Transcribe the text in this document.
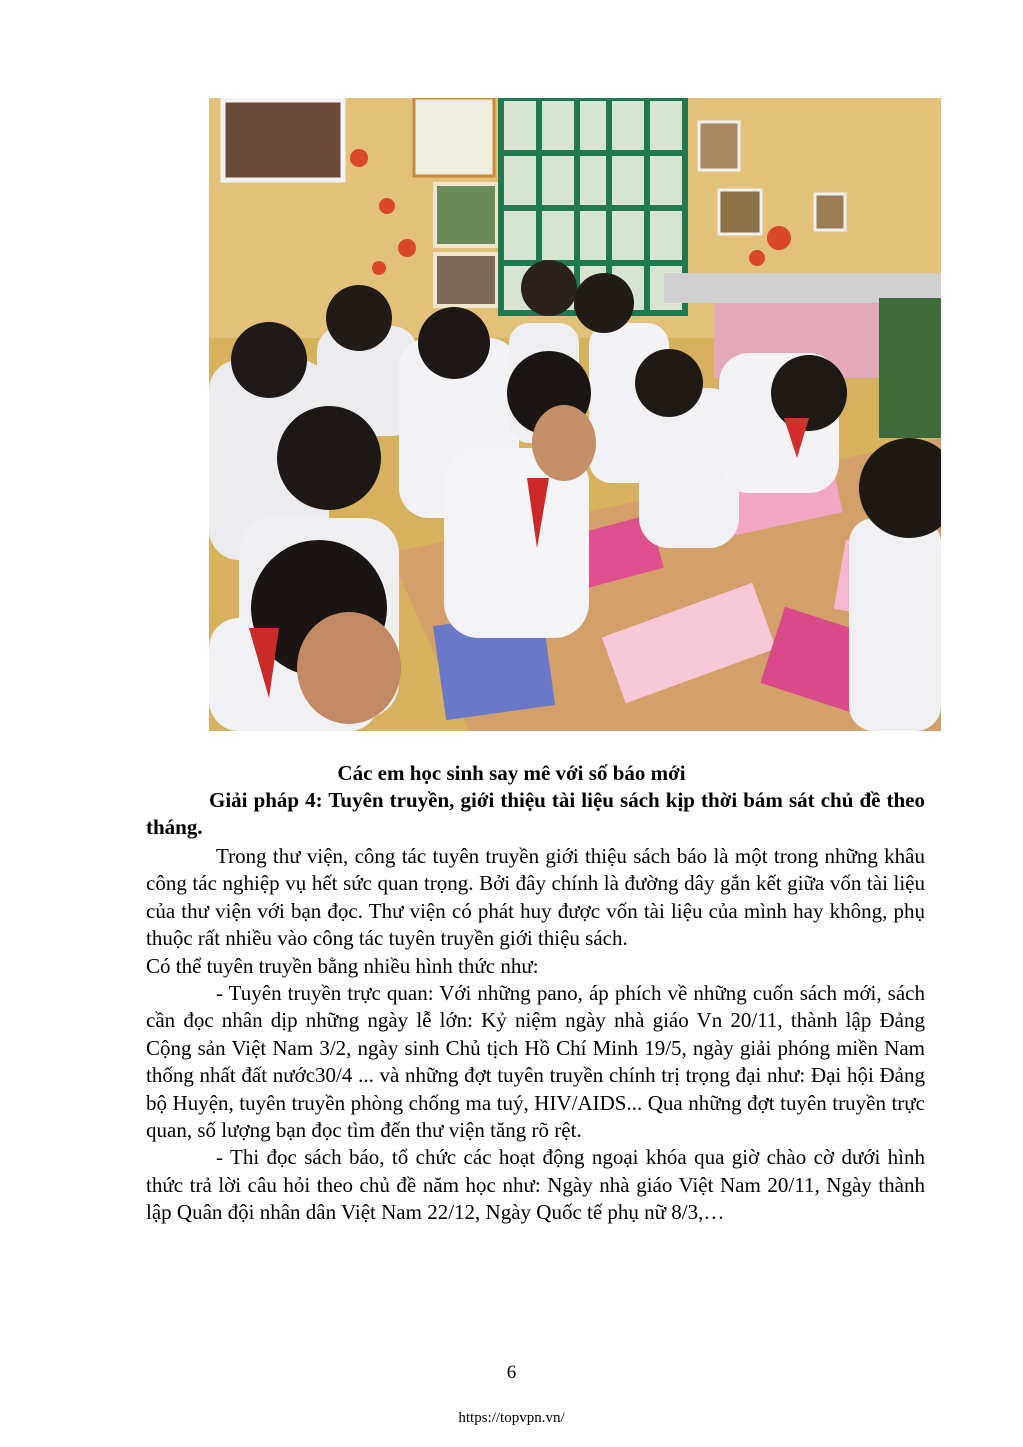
Các em học sinh say mê với số báo mới
Giải pháp 4: Tuyên truyền, giới thiệu tài liệu sách kịp thời bám sát chủ đề theo tháng.

Trong thư viện, công tác tuyên truyền giới thiệu sách báo là một trong những khâu công tác nghiệp vụ hết sức quan trọng. Bởi đây chính là đường dây gắn kết giữa vốn tài liệu của thư viện với bạn đọc. Thư viện có phát huy được vốn tài liệu của mình hay không, phụ thuộc rất nhiều vào công tác tuyên truyền giới thiệu sách.

Có thể tuyên truyền bằng nhiều hình thức như:

- Tuyên truyền trực quan: Với những pano, áp phích về những cuốn sách mới, sách cần đọc nhân dịp những ngày lễ lớn: Kỷ niệm ngày nhà giáo Vn 20/11, thành lập Đảng Cộng sản Việt Nam 3/2, ngày sinh Chủ tịch Hồ Chí Minh 19/5, ngày giải phóng miền Nam thống nhất đất nước30/4 ... và những đợt tuyên truyền chính trị trọng đại như: Đại hội Đảng bộ Huyện, tuyên truyền phòng chống ma tuý, HIV/AIDS... Qua những đợt tuyên truyền trực quan, số lượng bạn đọc tìm đến thư viện tăng rõ rệt.

- Thi đọc sách báo, tổ chức các hoạt động ngoại khóa qua giờ chào cờ dưới hình thức trả lời câu hỏi theo chủ đề năm học như: Ngày nhà giáo Việt Nam 20/11, Ngày thành lập Quân đội nhân dân Việt Nam 22/12, Ngày Quốc tế phụ nữ 8/3,…

6
https://topvpn.vn/
